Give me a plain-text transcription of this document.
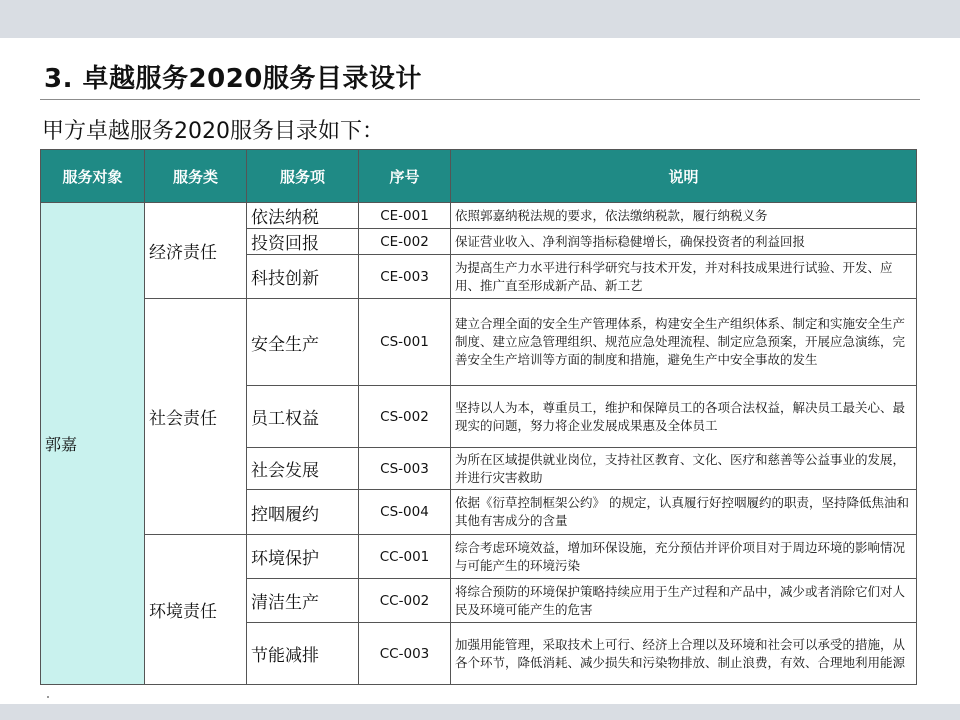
3. 卓越服务2020服务目录设计
甲方卓越服务2020服务目录如下：
服务对象	服务类	服务项	序号	说明
郭嘉	经济责任	依法纳税	CE-001	依照郭嘉纳税法规的要求，依法缴纳税款，履行纳税义务
		投资回报	CE-002	保证营业收入、净利润等指标稳健增长，确保投资者的利益回报
		科技创新	CE-003	为提高生产力水平进行科学研究与技术开发，并对科技成果进行试验、开发、应用、推广直至形成新产品、新工艺
	社会责任	安全生产	CS-001	建立合理全面的安全生产管理体系，构建安全生产组织体系、制定和实施安全生产制度、建立应急管理组织、规范应急处理流程、制定应急预案，开展应急演练，完善安全生产培训等方面的制度和措施，避免生产中安全事故的发生
		员工权益	CS-002	坚持以人为本，尊重员工，维护和保障员工的各项合法权益，解决员工最关心、最现实的问题，努力将企业发展成果惠及全体员工
		社会发展	CS-003	为所在区域提供就业岗位，支持社区教育、文化、医疗和慈善等公益事业的发展，并进行灾害救助
		控咽履约	CS-004	依据《衍草控制框架公约》 的规定，认真履行好控咽履约的职责，坚持降低焦油和其他有害成分的含量
	环境责任	环境保护	CC-001	综合考虑环境效益，增加环保设施，充分预估并评价项目对于周边环境的影响情况与可能产生的环境污染
		清洁生产	CC-002	将综合预防的环境保护策略持续应用于生产过程和产品中，减少或者消除它们对人民及环境可能产生的危害
		节能减排	CC-003	加强用能管理，采取技术上可行、经济上合理以及环境和社会可以承受的措施，从各个环节，降低消耗、减少损失和污染物排放、制止浪费，有效、合理地利用能源
